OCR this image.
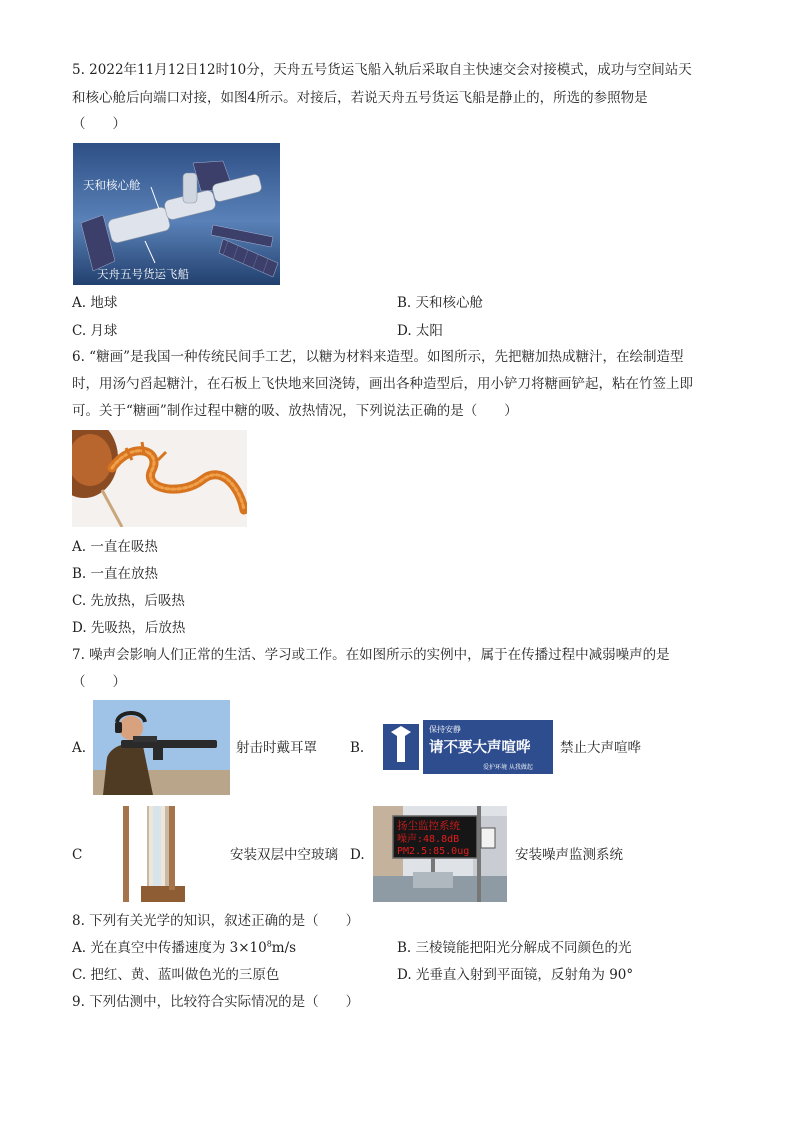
5. 2022年11月12日12时10分，天舟五号货运飞船入轨后采取自主快速交会对接模式，成功与空间站天
和核心舱后向端口对接，如图4所示。对接后，若说天舟五号货运飞船是静止的，所选的参照物是
（　　）
天和核心舱
天舟五号货运飞船
A. 地球	B. 天和核心舱
C. 月球	D. 太阳
6. “糖画”是我国一种传统民间手工艺，以糖为材料来造型。如图所示，先把糖加热成糖汁，在绘制造型
时，用汤勺舀起糖汁，在石板上飞快地来回浇铸，画出各种造型后，用小铲刀将糖画铲起，粘在竹签上即
可。关于“糖画”制作过程中糖的吸、放热情况，下列说法正确的是（　　）
A. 一直在吸热
B. 一直在放热
C. 先放热，后吸热
D. 先吸热，后放热
7. 噪声会影响人们正常的生活、学习或工作。在如图所示的实例中，属于在传播过程中减弱噪声的是
（　　）
A.	射击时戴耳罩 B.
保持安静
请不要大声喧哗
爱护环境 从我做起
禁止大声喧哗
C	安装双层中空玻璃 D.
扬尘监控系统
噪声:48.8dB
PM2.5:85.0ug	安装噪声监测系统
8. 下列有关光学的知识，叙述正确的是（　　）
A. 光在真空中传播速度为 $3\times 10^8m/s$	B. 三棱镜能把阳光分解成不同颜色的光
C. 把红、黄、蓝叫做色光的三原色	D. 光垂直入射到平面镜，反射角为 90°
9. 下列估测中，比较符合实际情况的是（　　）
